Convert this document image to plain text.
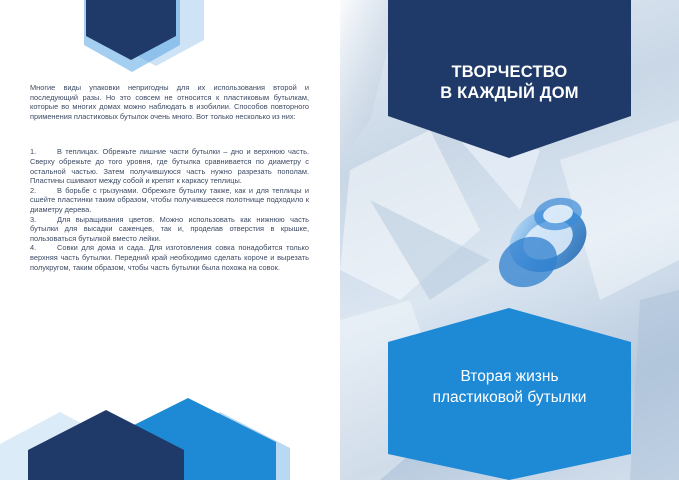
Многие виды упаковки непригодны для их использования второй и последующий разы. Но это совсем не относится к пластиковым бутылкам, которые во многих домах можно наблюдать в изобилии. Способов повторного применения пластиковых бутылок очень много. Вот только несколько из них:

1.	В теплицах. Обрежьте лишние части бутылки – дно и верхнюю часть. Сверху обрежьте до того уровня, где бутылка сравнивается по диаметру с остальной частью. Затем получившуюся часть нужно разрезать пополам. Пластины сшивают между собой и крепят к каркасу теплицы.

2.	В борьбе с грызунами. Обрежьте бутылку также, как и для теплицы и сшейте пластинки таким образом, чтобы получившееся полотнище подходило к диаметру дерева.

3.	Для выращивания цветов. Можно использовать как нижнюю часть бутылки для высадки саженцев, так и, проделав отверстия в крышке, пользоваться бутылкой вместо лейки.

4.	Совки для дома и сада. Для изготовления совка понадобится только верхняя часть бутылки. Передний край необходимо сделать короче и вырезать полукругом, таким образом, чтобы часть бутылки была похожа на совок.

ТВОРЧЕСТВО
В КАЖДЫЙ ДОМ
Вторая жизнь
пластиковой бутылки
